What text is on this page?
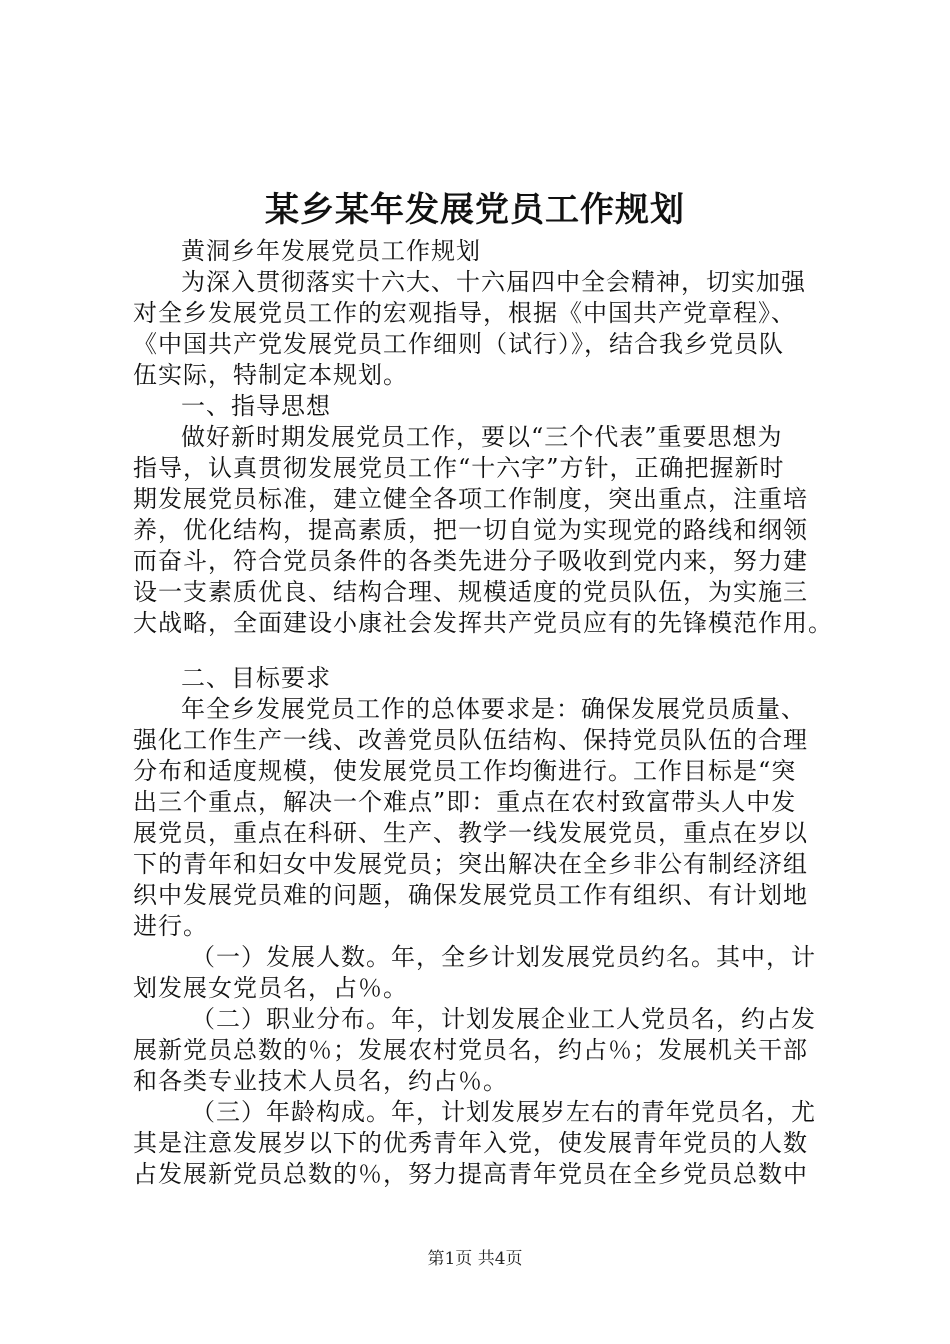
某乡某年发展党员工作规划
黄洞乡年发展党员工作规划
为深入贯彻落实十六大、十六届四中全会精神，切实加强
对全乡发展党员工作的宏观指导，根据《中国共产党章程》、
《中国共产党发展党员工作细则（试行）》，结合我乡党员队
伍实际，特制定本规划。
一、指导思想
做好新时期发展党员工作，要以“三个代表”重要思想为
指导，认真贯彻发展党员工作“十六字”方针，正确把握新时
期发展党员标准，建立健全各项工作制度，突出重点，注重培
养，优化结构，提高素质，把一切自觉为实现党的路线和纲领
而奋斗，符合党员条件的各类先进分子吸收到党内来，努力建
设一支素质优良、结构合理、规模适度的党员队伍，为实施三
大战略，全面建设小康社会发挥共产党员应有的先锋模范作用。
二、目标要求
年全乡发展党员工作的总体要求是：确保发展党员质量、
强化工作生产一线、改善党员队伍结构、保持党员队伍的合理
分布和适度规模，使发展党员工作均衡进行。工作目标是“突
出三个重点，解决一个难点”即：重点在农村致富带头人中发
展党员，重点在科研、生产、教学一线发展党员，重点在岁以
下的青年和妇女中发展党员；突出解决在全乡非公有制经济组
织中发展党员难的问题，确保发展党员工作有组织、有计划地
进行。
（一）发展人数。年，全乡计划发展党员约名。其中，计
划发展女党员名，占％。
（二）职业分布。年，计划发展企业工人党员名，约占发
展新党员总数的％；发展农村党员名，约占％；发展机关干部
和各类专业技术人员名，约占％。
（三）年龄构成。年，计划发展岁左右的青年党员名，尤
其是注意发展岁以下的优秀青年入党，使发展青年党员的人数
占发展新党员总数的％，努力提高青年党员在全乡党员总数中
第1页 共4页
